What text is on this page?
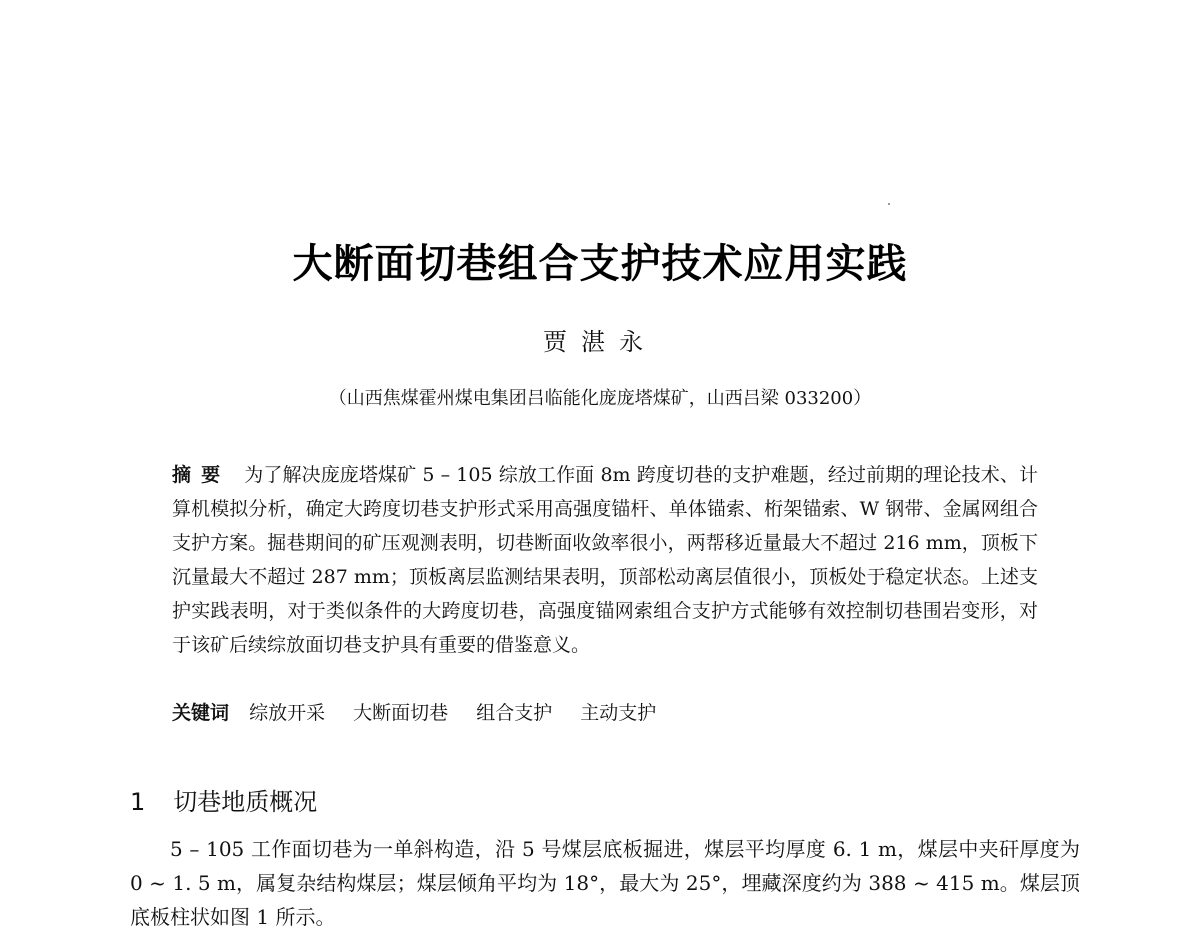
大断面切巷组合支护技术应用实践
贾湛永
（山西焦煤霍州煤电集团吕临能化庞庞塔煤矿，山西吕梁 033200）
摘要 为了解决庞庞塔煤矿 5 – 105 综放工作面 8m 跨度切巷的支护难题，经过前期的理论技术、计算机模拟分析，确定大跨度切巷支护形式采用高强度锚杆、单体锚索、桁架锚索、W 钢带、金属网组合支护方案。掘巷期间的矿压观测表明，切巷断面收敛率很小，两帮移近量最大不超过 216 mm，顶板下沉量最大不超过 287 mm；顶板离层监测结果表明，顶部松动离层值很小，顶板处于稳定状态。上述支护实践表明，对于类似条件的大跨度切巷，高强度锚网索组合支护方式能够有效控制切巷围岩变形，对于该矿后续综放面切巷支护具有重要的借鉴意义。
关键词 综放开采 大断面切巷 组合支护 主动支护
1 切巷地质概况
5 – 105 工作面切巷为一单斜构造，沿 5 号煤层底板掘进，煤层平均厚度 6. 1 m，煤层中夹矸厚度为 0 ~ 1. 5 m，属复杂结构煤层；煤层倾角平均为 18°，最大为 25°，埋藏深度约为 388 ~ 415 m。煤层顶底板柱状如图 1 所示。
